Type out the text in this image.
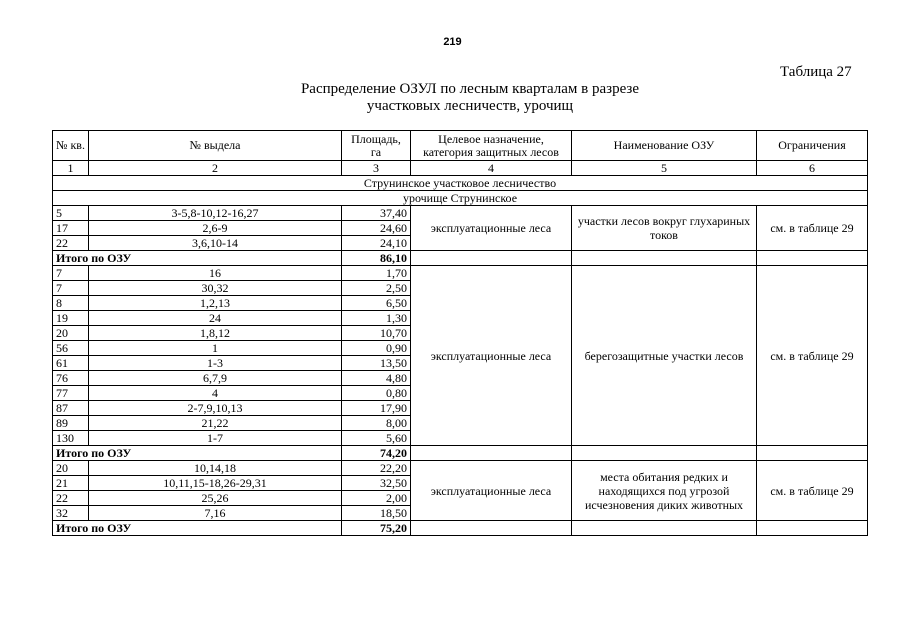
219
Таблица 27
Распределение ОЗУЛ по лесным кварталам в разрезе
участковых лесничеств, урочищ
№ кв.	№ выдела	Площадь, га	Целевое назначение, категория защитных лесов	Наименование ОЗУ	Ограничения
1	2	3	4	5	6
Струнинское участковое лесничество					
урочище Струнинское					
5	3-5,8-10,12-16,27	37,40	эксплуатационные леса	участки лесов вокруг глухариных токов	см. в таблице 29
17	2,6-9	24,60			
22	3,6,10-14	24,10			
Итого по ОЗУ		86,10			
7	16	1,70	эксплуатационные леса	берегозащитные участки лесов	см. в таблице 29
7	30,32	2,50			
8	1,2,13	6,50			
19	24	1,30			
20	1,8,12	10,70			
56	1	0,90			
61	1-3	13,50			
76	6,7,9	4,80			
77	4	0,80			
87	2-7,9,10,13	17,90			
89	21,22	8,00			
130	1-7	5,60			
Итого по ОЗУ		74,20			
20	10,14,18	22,20	эксплуатационные леса	места обитания редких и находящихся под угрозой исчезновения диких животных	см. в таблице 29
21	10,11,15-18,26-29,31	32,50			
22	25,26	2,00			
32	7,16	18,50			
Итого по ОЗУ		75,20			
